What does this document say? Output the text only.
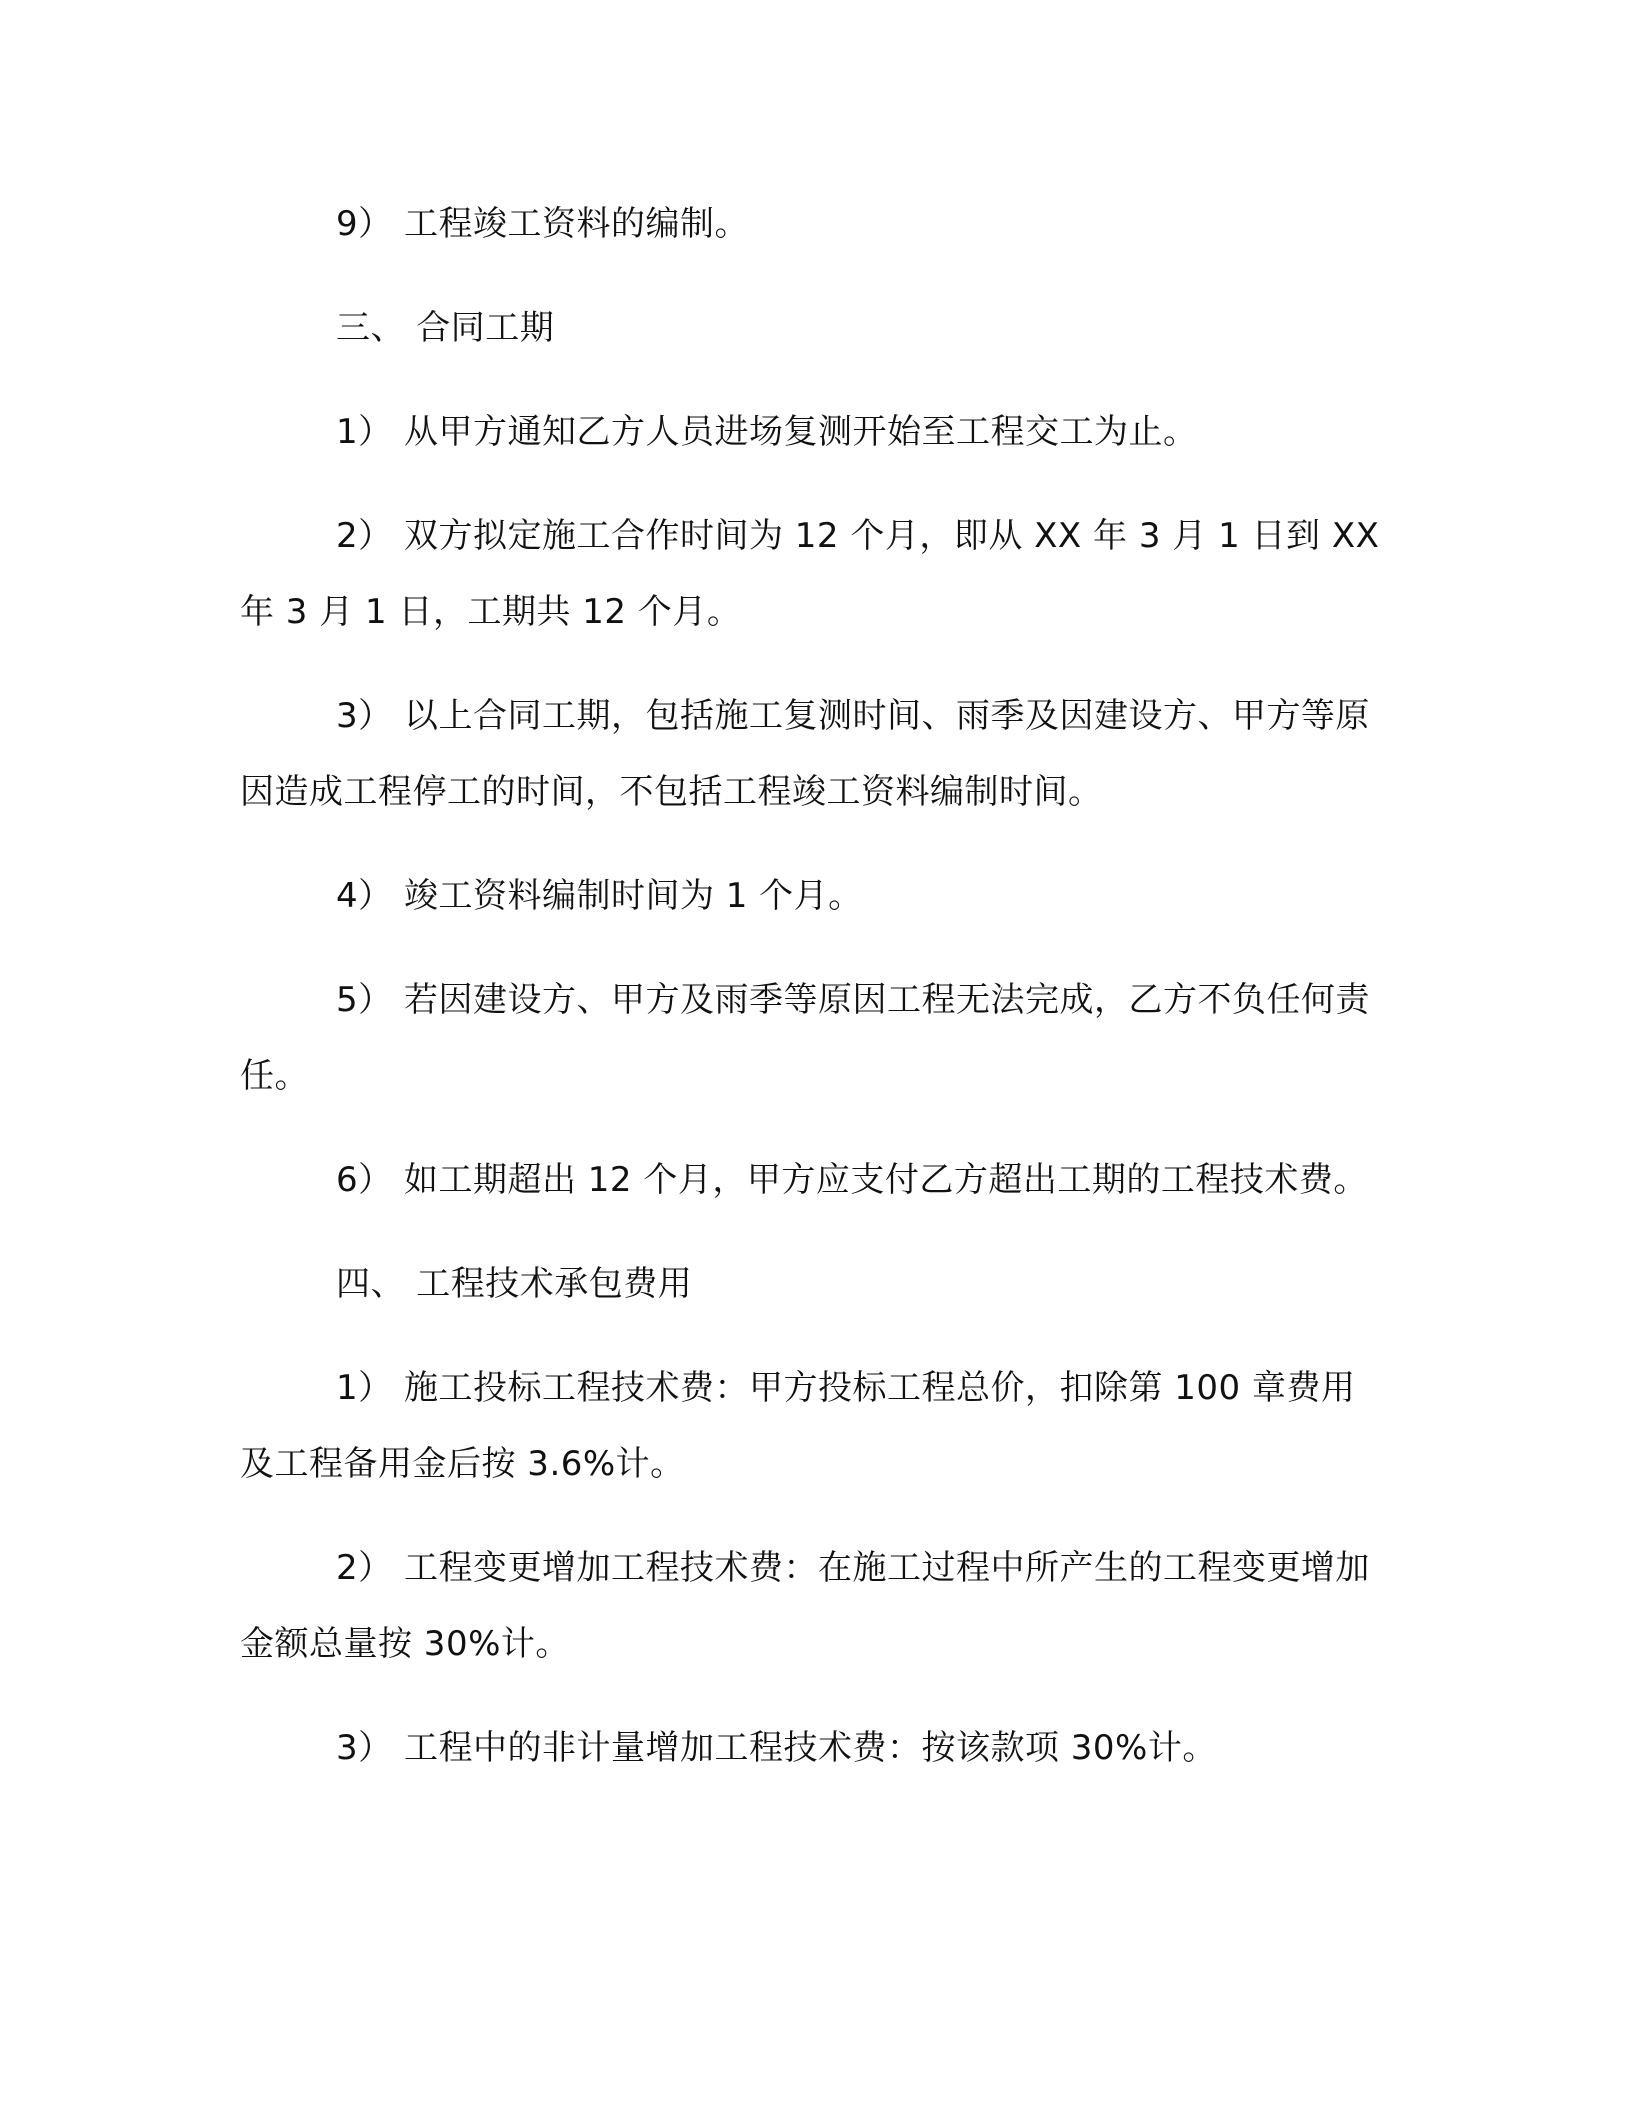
9） 工程竣工资料的编制。

三、 合同工期

1） 从甲方通知乙方人员进场复测开始至工程交工为止。

2） 双方拟定施工合作时间为 12 个月，即从 XX 年 3 月 1 日到 XX 年 3 月 1 日，工期共 12 个月。

3） 以上合同工期，包括施工复测时间、雨季及因建设方、甲方等原因造成工程停工的时间，不包括工程竣工资料编制时间。

4） 竣工资料编制时间为 1 个月。

5） 若因建设方、甲方及雨季等原因工程无法完成，乙方不负任何责任。

6） 如工期超出 12 个月，甲方应支付乙方超出工期的工程技术费。

四、 工程技术承包费用

1） 施工投标工程技术费：甲方投标工程总价，扣除第 100 章费用及工程备用金后按 3.6%计。

2） 工程变更增加工程技术费：在施工过程中所产生的工程变更增加金额总量按 30%计。

3） 工程中的非计量增加工程技术费：按该款项 30%计。
